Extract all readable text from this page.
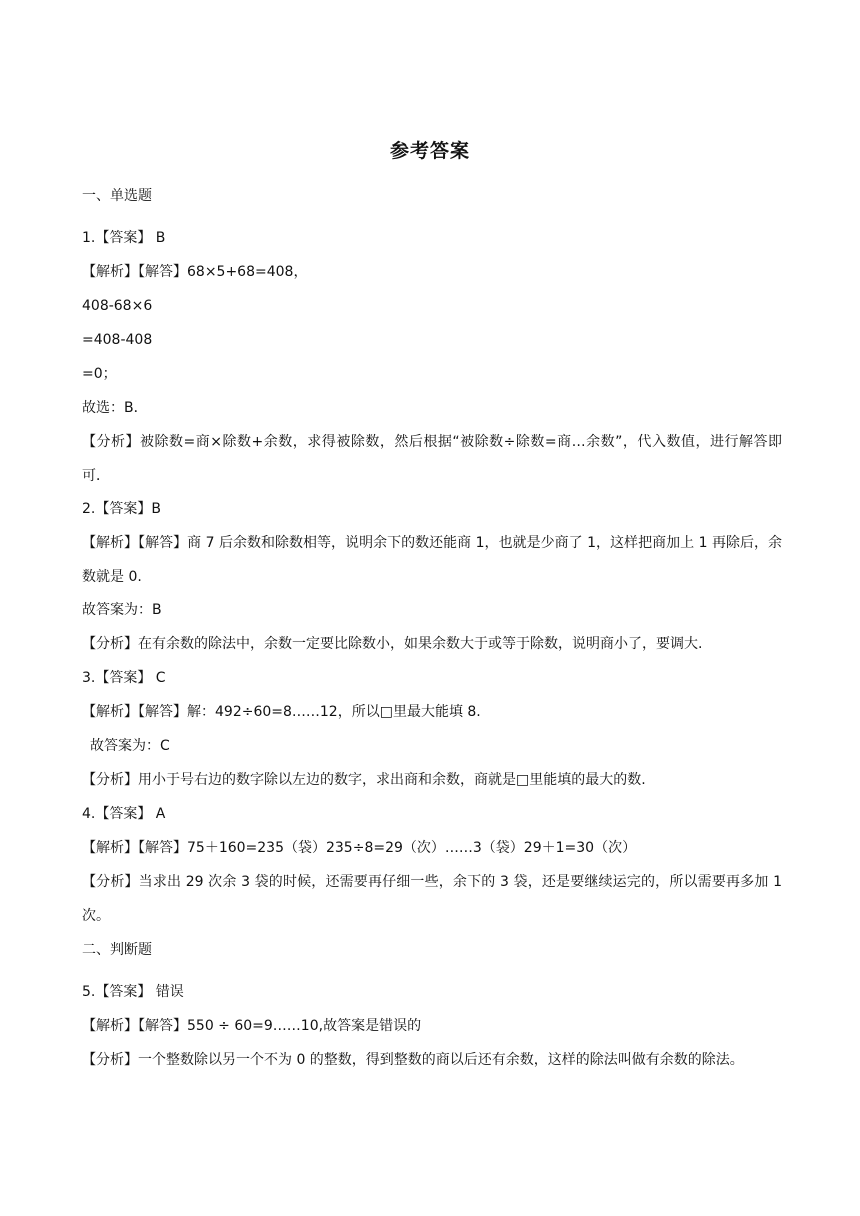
参考答案
一、单选题
1.【答案】 B
【解析】【解答】68×5+68=408，
408-68×6
=408-408
=0；
故选：B．
【分析】被除数=商×除数+余数，求得被除数，然后根据“被除数÷除数=商…余数”，代入数值，进行解答即可．
2.【答案】B
【解析】【解答】商 7 后余数和除数相等，说明余下的数还能商 1，也就是少商了 1，这样把商加上 1 再除后，余数就是 0.
故答案为：B
【分析】在有余数的除法中，余数一定要比除数小，如果余数大于或等于除数，说明商小了，要调大.
3.【答案】 C
【解析】【解答】解：492÷60=8……12，所以□里最大能填 8.
故答案为：C
【分析】用小于号右边的数字除以左边的数字，求出商和余数，商就是□里能填的最大的数.
4.【答案】 A
【解析】【解答】75＋160=235（袋）235÷8=29（次）……3（袋）29＋1=30（次）
【分析】当求出 29 次余 3 袋的时候，还需要再仔细一些，余下的 3 袋，还是要继续运完的，所以需要再多加 1 次。
二、判断题
5.【答案】 错误
【解析】【解答】550 ÷ 60=9……10,故答案是错误的
【分析】一个整数除以另一个不为 0 的整数，得到整数的商以后还有余数，这样的除法叫做有余数的除法。
